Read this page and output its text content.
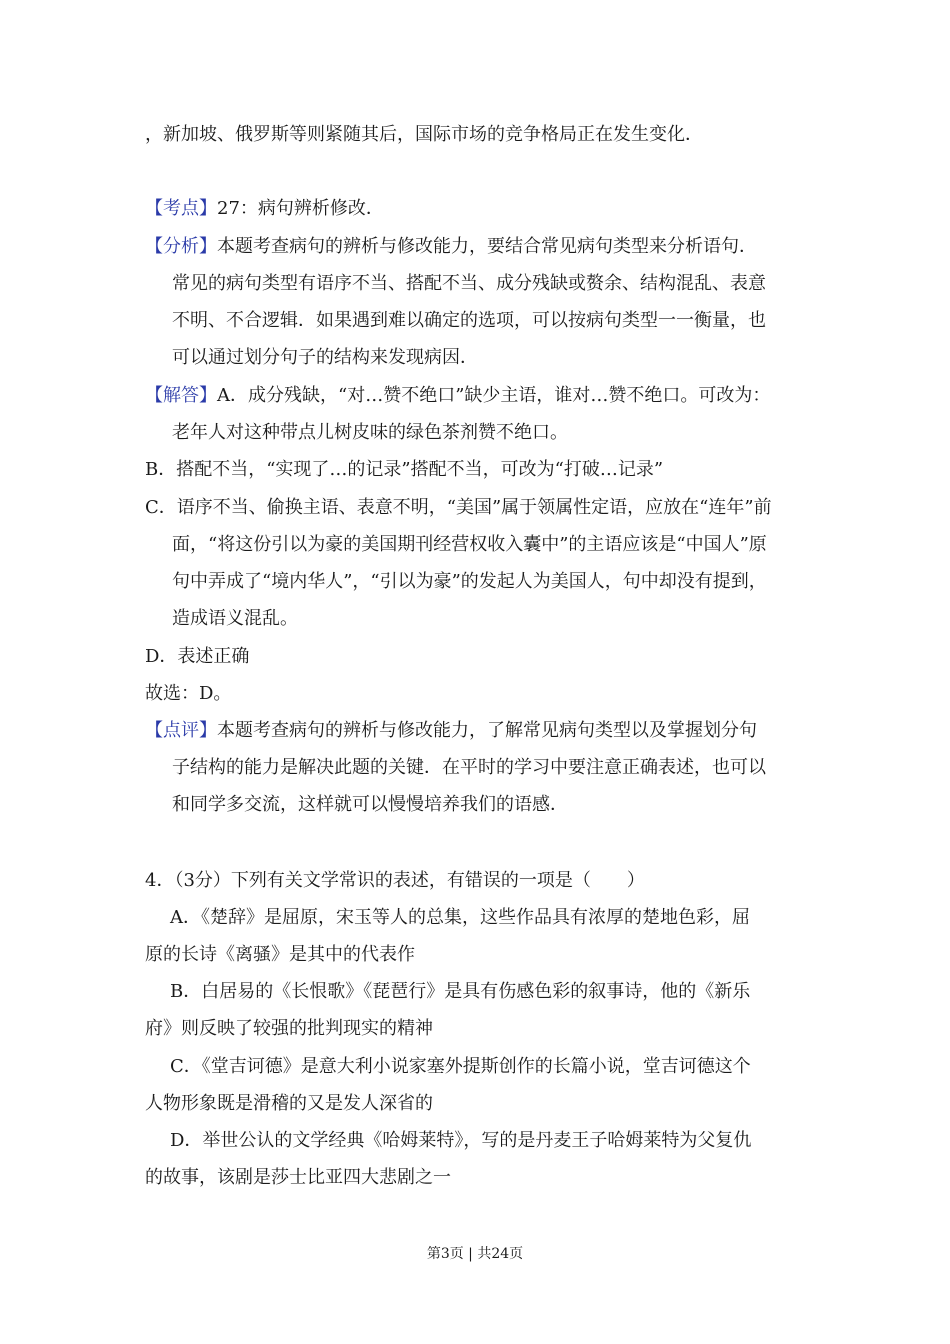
，新加坡、俄罗斯等则紧随其后，国际市场的竞争格局正在发生变化．
【考点】27：病句辨析修改．
【分析】本题考查病句的辨析与修改能力，要结合常见病句类型来分析语句．
常见的病句类型有语序不当、搭配不当、成分残缺或赘余、结构混乱、表意
不明、不合逻辑．如果遇到难以确定的选项，可以按病句类型一一衡量，也
可以通过划分句子的结构来发现病因．
【解答】A．成分残缺，“对…赞不绝口”缺少主语，谁对…赞不绝口。可改为：
老年人对这种带点儿树皮味的绿色茶剂赞不绝口。
B．搭配不当，“实现了…的记录”搭配不当，可改为“打破…记录”
C．语序不当、偷换主语、表意不明，“美国”属于领属性定语，应放在“连年”前
面，“将这份引以为豪的美国期刊经营权收入囊中”的主语应该是“中国人”原
句中弄成了“境内华人”，“引以为豪”的发起人为美国人，句中却没有提到，
造成语义混乱。
D．表述正确
故选：D。
【点评】本题考查病句的辨析与修改能力，了解常见病句类型以及掌握划分句
子结构的能力是解决此题的关键．在平时的学习中要注意正确表述，也可以
和同学多交流，这样就可以慢慢培养我们的语感．
4．（3分）下列有关文学常识的表述，有错误的一项是（　　）
A．《楚辞》是屈原，宋玉等人的总集，这些作品具有浓厚的楚地色彩，屈
原的长诗《离骚》是其中的代表作
B．白居易的《长恨歌》《琵琶行》是具有伤感色彩的叙事诗，他的《新乐
府》则反映了较强的批判现实的精神
C．《堂吉诃德》是意大利小说家塞外提斯创作的长篇小说，堂吉诃德这个
人物形象既是滑稽的又是发人深省的
D．举世公认的文学经典《哈姆莱特》，写的是丹麦王子哈姆莱特为父复仇
的故事，该剧是莎士比亚四大悲剧之一
第3页 | 共24页
